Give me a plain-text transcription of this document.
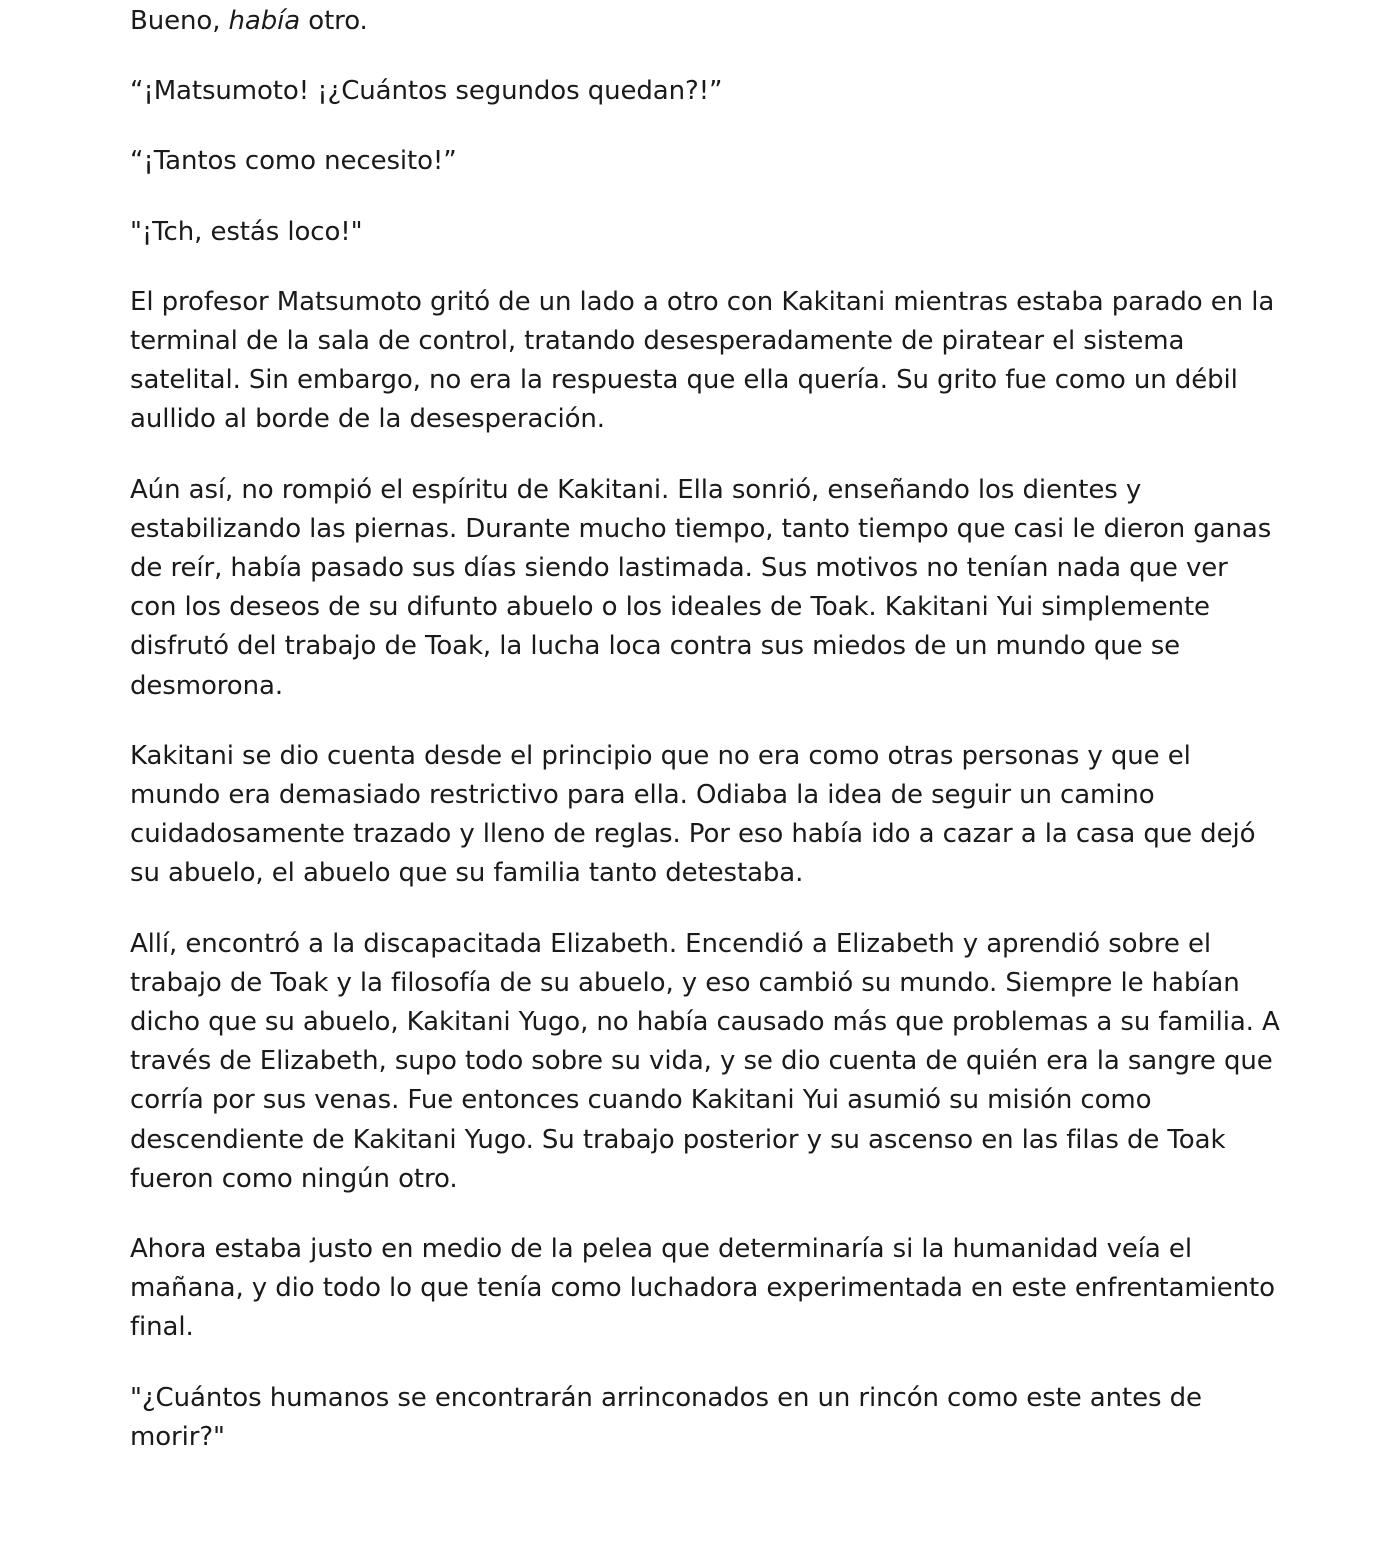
Bueno, había otro.

“¡Matsumoto! ¡¿Cuántos segundos quedan?!”

“¡Tantos como necesito!”

"¡Tch, estás loco!"

El profesor Matsumoto gritó de un lado a otro con Kakitani mientras estaba parado en la terminal de la sala de control, tratando desesperadamente de piratear el sistema satelital. Sin embargo, no era la respuesta que ella quería. Su grito fue como un débil aullido al borde de la desesperación.

Aún así, no rompió el espíritu de Kakitani. Ella sonrió, enseñando los dientes y estabilizando las piernas. Durante mucho tiempo, tanto tiempo que casi le dieron ganas de reír, había pasado sus días siendo lastimada. Sus motivos no tenían nada que ver con los deseos de su difunto abuelo o los ideales de Toak. Kakitani Yui simplemente disfrutó del trabajo de Toak, la lucha loca contra sus miedos de un mundo que se desmorona.

Kakitani se dio cuenta desde el principio que no era como otras personas y que el mundo era demasiado restrictivo para ella. Odiaba la idea de seguir un camino cuidadosamente trazado y lleno de reglas. Por eso había ido a cazar a la casa que dejó su abuelo, el abuelo que su familia tanto detestaba.

Allí, encontró a la discapacitada Elizabeth. Encendió a Elizabeth y aprendió sobre el trabajo de Toak y la filosofía de su abuelo, y eso cambió su mundo. Siempre le habían dicho que su abuelo, Kakitani Yugo, no había causado más que problemas a su familia. A través de Elizabeth, supo todo sobre su vida, y se dio cuenta de quién era la sangre que corría por sus venas. Fue entonces cuando Kakitani Yui asumió su misión como descendiente de Kakitani Yugo. Su trabajo posterior y su ascenso en las filas de Toak fueron como ningún otro.

Ahora estaba justo en medio de la pelea que determinaría si la humanidad veía el mañana, y dio todo lo que tenía como luchadora experimentada en este enfrentamiento final.

"¿Cuántos humanos se encontrarán arrinconados en un rincón como este antes de morir?"
